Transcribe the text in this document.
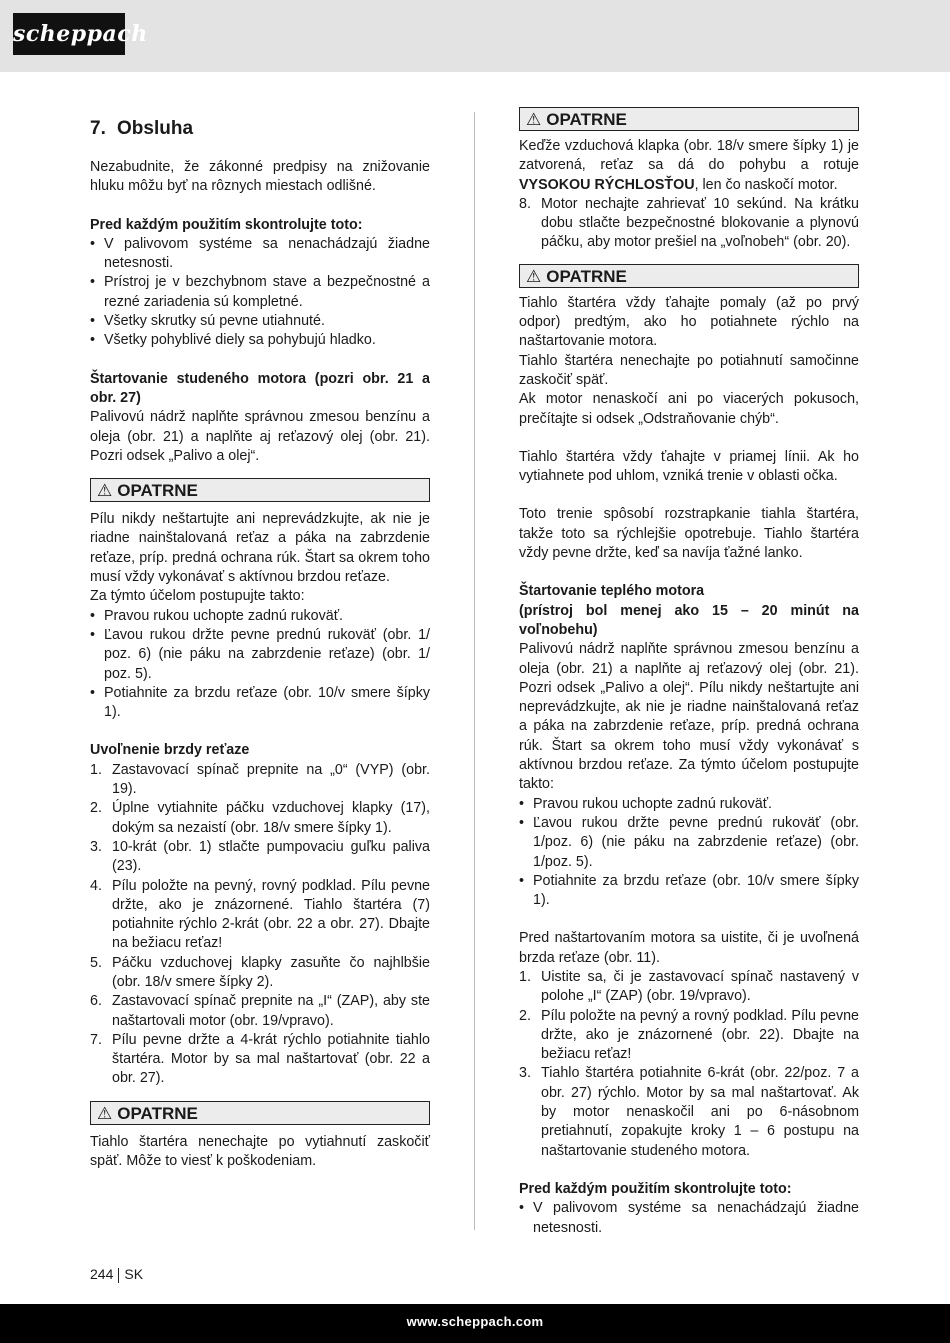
scheppach

7. Obsluha

Nezabudnite, že zákonné predpisy na znižovanie hluku môžu byť na rôznych miestach odlišné.

Pred každým použitím skontrolujte toto:

• V palivovom systéme sa nenachádzajú žiadne netesnosti.
• Prístroj je v bezchybnom stave a bezpečnostné a rezné zariadenia sú kompletné.
• Všetky skrutky sú pevne utiahnuté.
• Všetky pohyblivé diely sa pohybujú hladko.

Štartovanie studeného motora (pozri obr. 21 a obr. 27)

Palivovú nádrž naplňte správnou zmesou benzínu a oleja (obr. 21) a naplňte aj reťazový olej (obr. 21). Pozri odsek „Palivo a olej“.

⚠ OPATRNE

Pílu nikdy neštartujte ani neprevádzkujte, ak nie je riadne nainštalovaná reťaz a páka na zabrzdenie reťaze, príp. predná ochrana rúk. Štart sa okrem toho musí vždy vykonávať s aktívnou brzdou reťaze.

Za týmto účelom postupujte takto:

• Pravou rukou uchopte zadnú rukoväť.
• Ľavou rukou držte pevne prednú rukoväť (obr. 1/ poz. 6) (nie páku na zabrzdenie reťaze) (obr. 1/ poz. 5).
• Potiahnite za brzdu reťaze (obr. 10/v smere šípky 1).

Uvoľnenie brzdy reťaze

1. Zastavovací spínač prepnite na „0“ (VYP) (obr. 19).
2. Úplne vytiahnite páčku vzduchovej klapky (17), dokým sa nezaistí (obr. 18/v smere šípky 1).
3. 10-krát (obr. 1) stlačte pumpovaciu guľku paliva (23).
4. Pílu položte na pevný, rovný podklad. Pílu pevne držte, ako je znázornené. Tiahlo štartéra (7) potiahnite rýchlo 2-krát (obr. 22 a obr. 27). Dbajte na bežiacu reťaz!
5. Páčku vzduchovej klapky zasuňte čo najhlbšie (obr. 18/v smere šípky 2).
6. Zastavovací spínač prepnite na „I“ (ZAP), aby ste naštartovali motor (obr. 19/vpravo).
7. Pílu pevne držte a 4-krát rýchlo potiahnite tiahlo štartéra. Motor by sa mal naštartovať (obr. 22 a obr. 27).
⚠ OPATRNE

Tiahlo štartéra nenechajte po vytiahnutí zaskočiť späť. Môže to viesť k poškodeniam.

⚠ OPATRNE

Keďže vzduchová klapka (obr. 18/v smere šípky 1) je zatvorená, reťaz sa dá do pohybu a rotuje VYSOKOU RÝCHLOSŤOU, len čo naskočí motor.

8. Motor nechajte zahrievať 10 sekúnd. Na krátku dobu stlačte bezpečnostné blokovanie a plynovú páčku, aby motor prešiel na „voľnobeh“ (obr. 20).
⚠ OPATRNE

Tiahlo štartéra vždy ťahajte pomaly (až po prvý odpor) predtým, ako ho potiahnete rýchlo na naštartovanie motora.

Tiahlo štartéra nenechajte po potiahnutí samočinne zaskočiť späť.

Ak motor nenaskočí ani po viacerých pokusoch, prečítajte si odsek „Odstraňovanie chýb“.

Tiahlo štartéra vždy ťahajte v priamej línii. Ak ho vytiahnete pod uhlom, vzniká trenie v oblasti očka.

Toto trenie spôsobí rozstrapkanie tiahla štartéra, takže toto sa rýchlejšie opotrebuje. Tiahlo štartéra vždy pevne držte, keď sa navíja ťažné lanko.

Štartovanie teplého motora

(prístroj bol menej ako 15 – 20 minút na voľnobehu)

Palivovú nádrž naplňte správnou zmesou benzínu a oleja (obr. 21) a naplňte aj reťazový olej (obr. 21). Pozri odsek „Palivo a olej“. Pílu nikdy neštartujte ani neprevádzkujte, ak nie je riadne nainštalovaná reťaz a páka na zabrzdenie reťaze, príp. predná ochrana rúk. Štart sa okrem toho musí vždy vykonávať s aktívnou brzdou reťaze. Za týmto účelom postupujte takto:

• Pravou rukou uchopte zadnú rukoväť.
• Ľavou rukou držte pevne prednú rukoväť (obr. 1/poz. 6) (nie páku na zabrzdenie reťaze) (obr. 1/poz. 5).
• Potiahnite za brzdu reťaze (obr. 10/v smere šípky 1).

Pred naštartovaním motora sa uistite, či je uvoľnená brzda reťaze (obr. 11).

1. Uistite sa, či je zastavovací spínač nastavený v polohe „I“ (ZAP) (obr. 19/vpravo).
2. Pílu položte na pevný a rovný podklad. Pílu pevne držte, ako je znázornené (obr. 22). Dbajte na bežiacu reťaz!
3. Tiahlo štartéra potiahnite 6-krát (obr. 22/poz. 7 a obr. 27) rýchlo. Motor by sa mal naštartovať. Ak by motor nenaskočil ani po 6-násobnom pretiahnutí, zopakujte kroky 1 – 6 postupu na naštartovanie studeného motora.

Pred každým použitím skontrolujte toto:

• V palivovom systéme sa nenachádzajú žiadne netesnosti.
244 SK
www.scheppach.com
